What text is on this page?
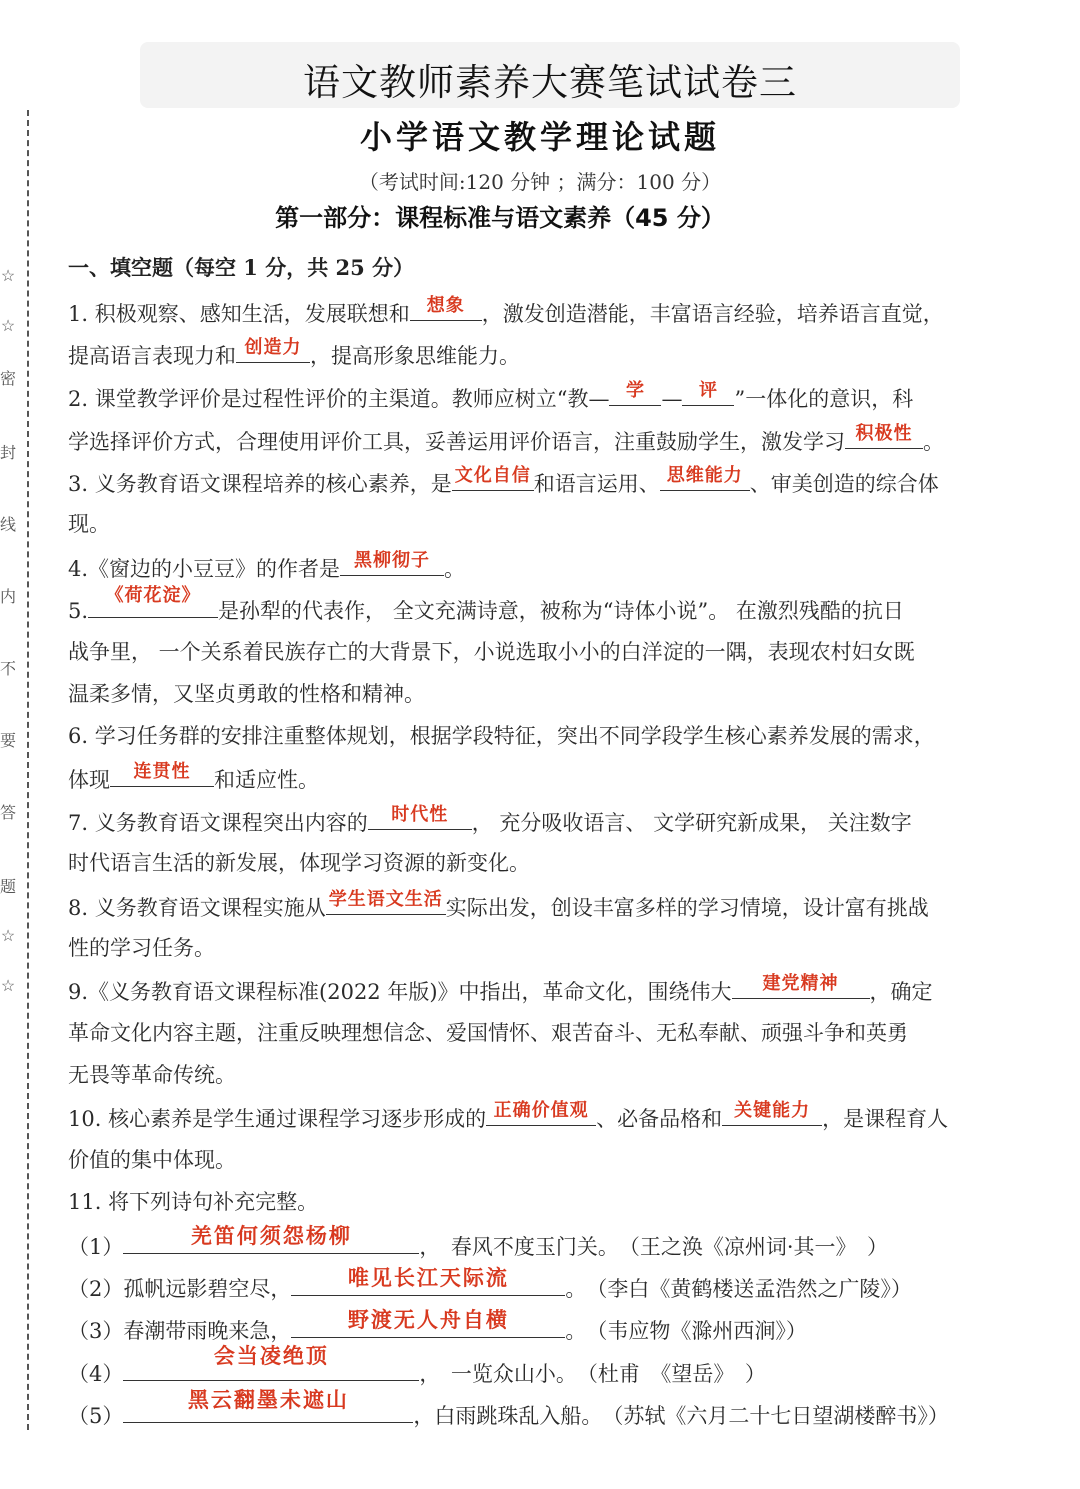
语文教师素养大赛笔试试卷三
小学语文教学理论试题
（考试时间:120 分钟 ；满分：100 分）
第一部分：课程标准与语文素养（45 分）
☆
☆
密
封
线
内
不
要
答
题
☆
☆
一、填空题（每空 1 分，共 25 分）
1. 积极观察、感知生活，发展联想和 想象 ，激发创造潜能，丰富语言经验，培养语言直觉，
提高语言表现力和 创造力 ，提高形象思维能力。
2. 课堂教学评价是过程性评价的主渠道。教师应树立“教— 学 — 评 ”一体化的意识，科
学选择评价方式，合理使用评价工具，妥善运用评价语言，注重鼓励学生，激发学习 积极性 。
3. 义务教育语文课程培养的核心素养，是 文化自信 和语言运用、 思维能力 、审美创造的综合体
现。
4.《窗边的小豆豆》的作者是 黑柳彻子 。
5.
《荷花淀》
是孙犁的代表作， 全文充满诗意，被称为“诗体小说”。 在激烈残酷的抗日
战争里， 一个关系着民族存亡的大背景下，小说选取小小的白洋淀的一隅，表现农村妇女既
温柔多情，又坚贞勇敢的性格和精神。
6. 学习任务群的安排注重整体规划，根据学段特征，突出不同学段学生核心素养发展的需求，
体现	连贯性	和适应性。
7. 义务教育语文课程突出内容的	时代性	， 充分吸收语言、 文学研究新成果， 关注数字
时代语言生活的新发展，体现学习资源的新变化。
8. 义务教育语文课程实施从 学生语文生活 实际出发，创设丰富多样的学习情境，设计富有挑战
性的学习任务。
9.《义务教育语文课程标准(2022 年版)》中指出，革命文化，围绕伟大	建党精神	，确定
革命文化内容主题，注重反映理想信念、爱国情怀、艰苦奋斗、无私奉献、顽强斗争和英勇
无畏等革命传统。
10. 核心素养是学生通过课程学习逐步形成的 正确价值观 、必备品格和 关键能力 ，是课程育人
价值的集中体现。
11. 将下列诗句补充完整。
（1）	羌笛何须怨杨柳	，　春风不度玉门关。　（王之涣《凉州词·其一》　）
（2）孤帆远影碧空尽，	唯见长江天际流	。　（李白《黄鹤楼送孟浩然之广陵》）
（3）春潮带雨晚来急，	野渡无人舟自横	。　（韦应物《滁州西涧》）
（4）
会当凌绝顶
，　一览众山小。　（杜甫　《望岳》　）
（5）
黑云翻墨未遮山
，白雨跳珠乱入船。　（苏轼《六月二十七日望湖楼醉书》）
